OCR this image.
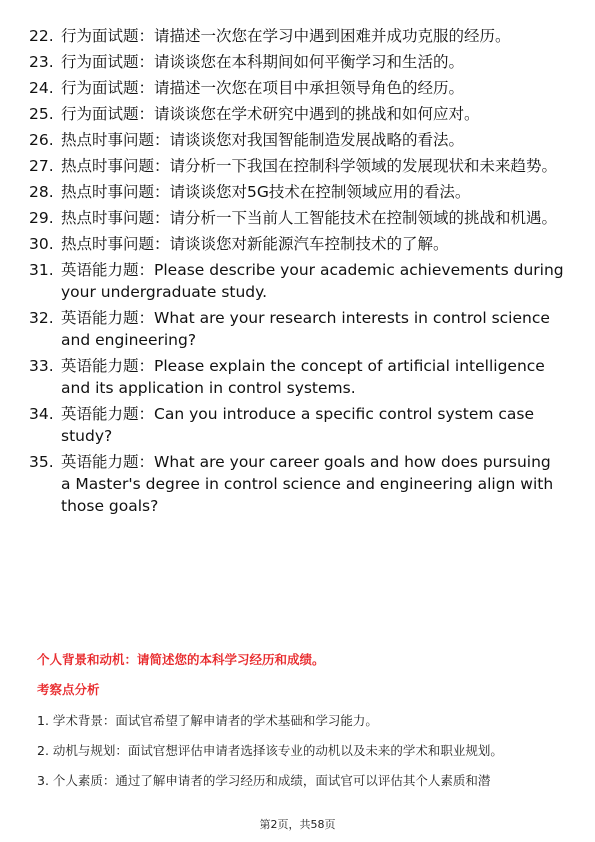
22. 行为面试题：请描述一次您在学习中遇到困难并成功克服的经历。
23. 行为面试题：请谈谈您在本科期间如何平衡学习和生活的。
24. 行为面试题：请描述一次您在项目中承担领导角色的经历。
25. 行为面试题：请谈谈您在学术研究中遇到的挑战和如何应对。
26. 热点时事问题：请谈谈您对我国智能制造发展战略的看法。
27. 热点时事问题：请分析一下我国在控制科学领域的发展现状和未来趋势。
28. 热点时事问题：请谈谈您对5G技术在控制领域应用的看法。
29. 热点时事问题：请分析一下当前人工智能技术在控制领域的挑战和机遇。
30. 热点时事问题：请谈谈您对新能源汽车控制技术的了解。
31. 英语能力题：Please describe your academic achievements during your undergraduate study.
32. 英语能力题：What are your research interests in control science and engineering?
33. 英语能力题：Please explain the concept of artificial intelligence and its application in control systems.
34. 英语能力题：Can you introduce a specific control system case study?
35. 英语能力题：What are your career goals and how does pursuing a Master's degree in control science and engineering align with those goals?
个人背景和动机：请简述您的本科学习经历和成绩。
考察点分析
1. 学术背景：面试官希望了解申请者的学术基础和学习能力。
2. 动机与规划：面试官想评估申请者选择该专业的动机以及未来的学术和职业规划。
3. 个人素质：通过了解申请者的学习经历和成绩，面试官可以评估其个人素质和潜
第2页，共58页
